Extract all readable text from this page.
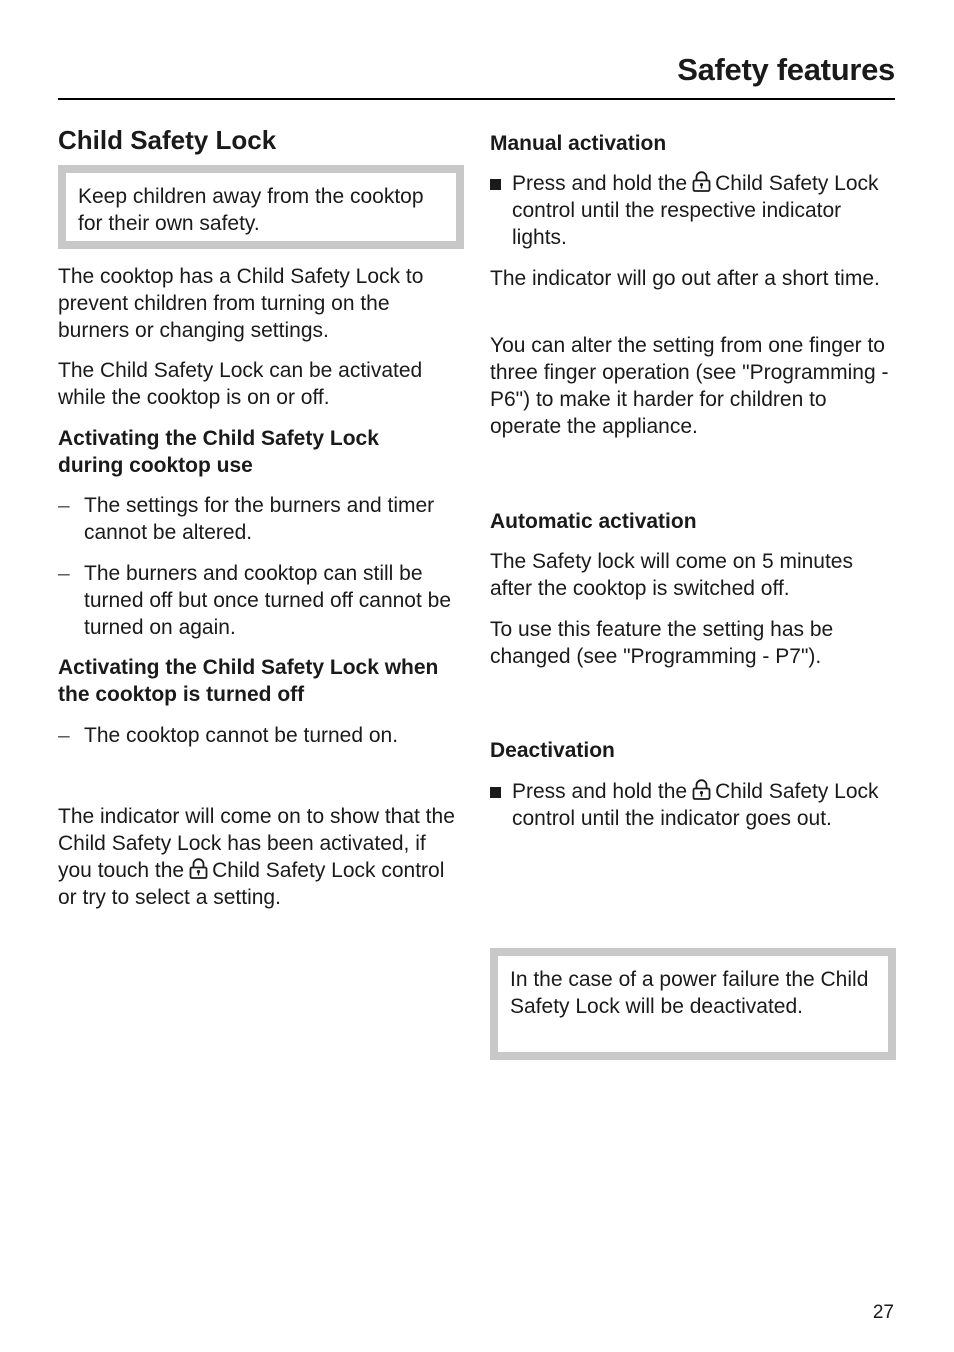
Safety features
Child Safety Lock

Keep children away from the cooktop for their own safety.

The cooktop has a Child Safety Lock to prevent children from turning on the burners or changing settings.

The Child Safety Lock can be activated while the cooktop is on or off.

Activating the Child Safety Lock during cooktop use

– The settings for the burners and timer cannot be altered.
– The burners and cooktop can still be turned off but once turned off cannot be turned on again.

Activating the Child Safety Lock when the cooktop is turned off

– The cooktop cannot be turned on.

The indicator will come on to show that the Child Safety Lock has been activated, if you touch the Child Safety Lock control or try to select a setting.

Manual activation

Press and hold the Child Safety Lock control until the respective indicator lights.

The indicator will go out after a short time.

You can alter the setting from one finger to three finger operation (see "Programming - P6") to make it harder for children to operate the appliance.

Automatic activation

The Safety lock will come on 5 minutes after the cooktop is switched off.

To use this feature the setting has be changed (see "Programming - P7").

Deactivation

Press and hold the Child Safety Lock control until the indicator goes out.

In the case of a power failure the Child Safety Lock will be deactivated.

27
